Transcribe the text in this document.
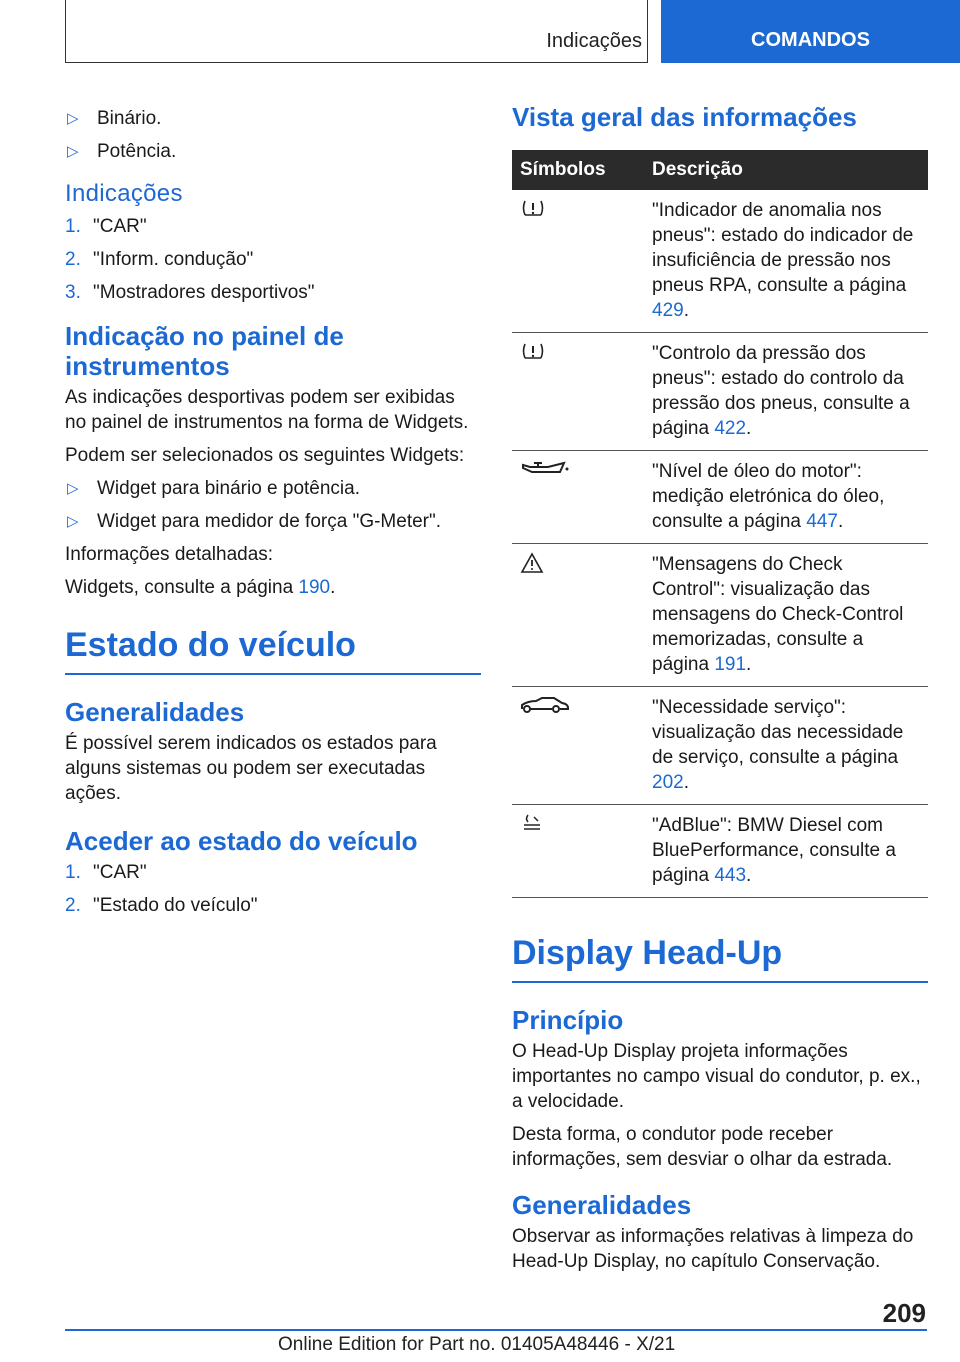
Indicações	COMANDOS
▷ Binário.
▷ Potência.
Indicações
1. "CAR"
2. "Inform. condução"
3. "Mostradores desportivos"
Indicação no painel de instrumentos

As indicações desportivas podem ser exibidas no painel de instrumentos na forma de Widgets.

Podem ser selecionados os seguintes Widgets:

▷ Widget para binário e potência.
▷ Widget para medidor de força "G-Meter".

Informações detalhadas:

Widgets, consulte a página 190.

Estado do veículo
Generalidades

É possível serem indicados os estados para alguns sistemas ou podem ser executadas ações.

Aceder ao estado do veículo
1. "CAR"
2. "Estado do veículo"
Vista geral das informações
Símbolos	Descrição
	"Indicador de anomalia nos pneus": estado do indicador de insuficiência de pressão nos pneus RPA, consulte a página 429.
	"Controlo da pressão dos pneus": estado do controlo da pressão dos pneus, consulte a página 422.
	"Nível de óleo do motor": medição eletrónica do óleo, consulte a página 447.
	"Mensagens do Check Control": visualização das mensagens do Check-Control memorizadas, consulte a página 191.
	"Necessidade serviço": visualização das necessidade de serviço, consulte a página 202.
	"AdBlue": BMW Diesel com BluePerformance, consulte a página 443.
Display Head-Up
Princípio

O Head-Up Display projeta informações importantes no campo visual do condutor, p. ex., a velocidade.

Desta forma, o condutor pode receber informações, sem desviar o olhar da estrada.

Generalidades

Observar as informações relativas à limpeza do Head-Up Display, no capítulo Conservação.

209
Online Edition for Part no. 01405A48446 - X/21
